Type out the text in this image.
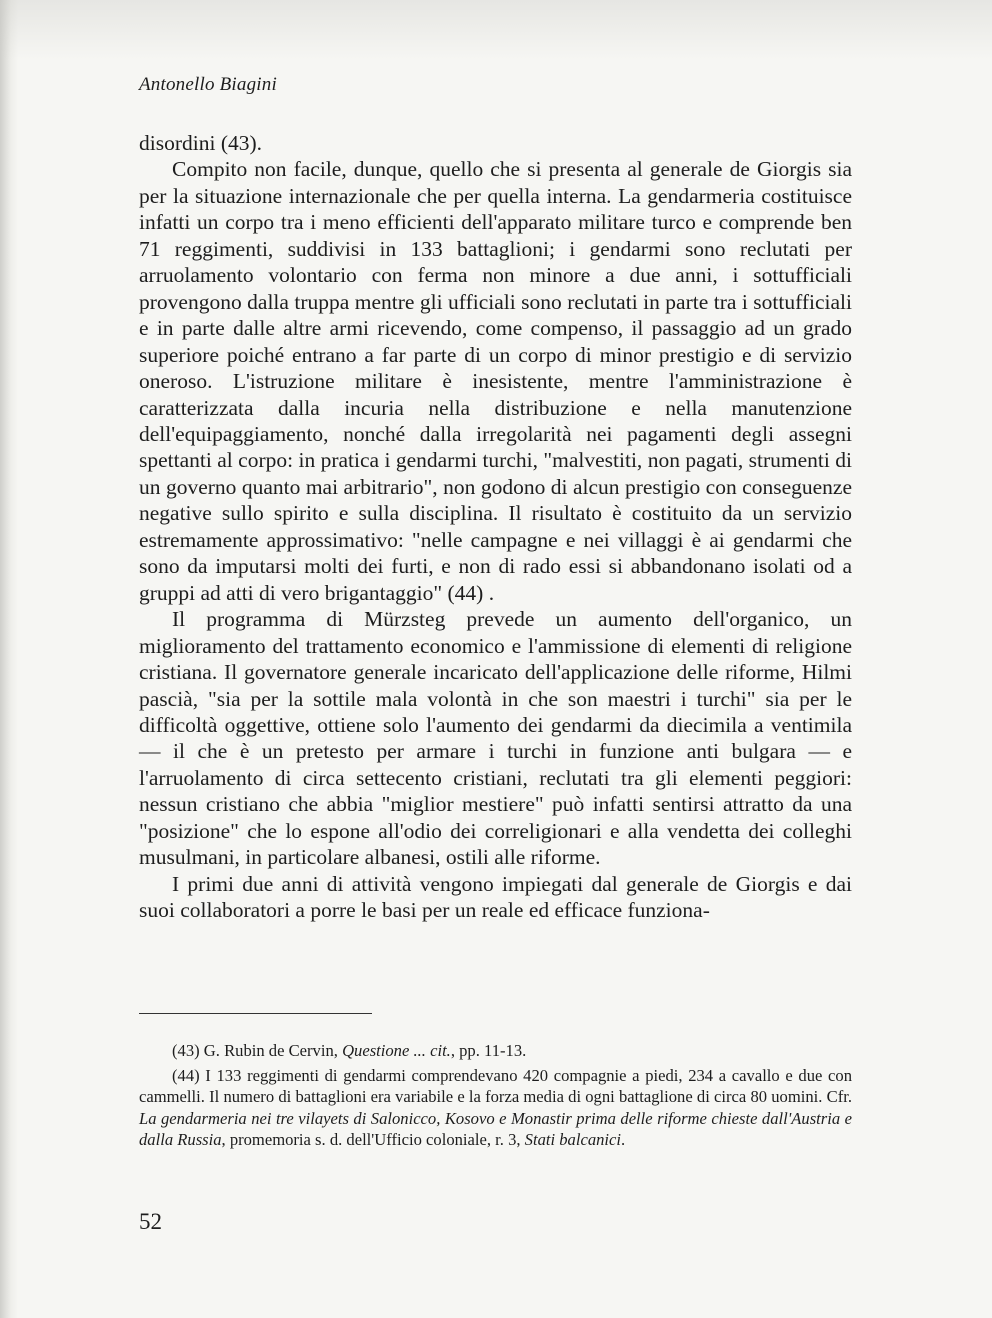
Antonello Biagini

disordini (43).

Compito non facile, dunque, quello che si presenta al generale de Giorgis sia per la situazione internazionale che per quella interna. La gendarmeria costituisce infatti un corpo tra i meno efficienti dell'apparato militare turco e comprende ben 71 reggimenti, suddivisi in 133 battaglioni; i gendarmi sono reclutati per arruolamento volontario con ferma non minore a due anni, i sottufficiali provengono dalla truppa mentre gli ufficiali sono reclutati in parte tra i sottufficiali e in parte dalle altre armi ricevendo, come compenso, il passaggio ad un grado superiore poiché entrano a far parte di un corpo di minor prestigio e di servizio oneroso. L'istruzione militare è inesistente, mentre l'amministrazione è caratterizzata dalla incuria nella distribuzione e nella manutenzione dell'equipaggiamento, nonché dalla irregolarità nei pagamenti degli assegni spettanti al corpo: in pratica i gendarmi turchi, "malvestiti, non pagati, strumenti di un governo quanto mai arbitrario", non godono di alcun prestigio con conseguenze negative sullo spirito e sulla disciplina. Il risultato è costituito da un servizio estremamente approssimativo: "nelle campagne e nei villaggi è ai gendarmi che sono da imputarsi molti dei furti, e non di rado essi si abbandonano isolati od a gruppi ad atti di vero brigantaggio" (44) .

Il programma di Mürzsteg prevede un aumento dell'organico, un miglioramento del trattamento economico e l'ammissione di elementi di religione cristiana. Il governatore generale incaricato dell'applicazione delle riforme, Hilmi pascià, "sia per la sottile mala volontà in che son maestri i turchi" sia per le difficoltà oggettive, ottiene solo l'aumento dei gendarmi da diecimila a ventimila — il che è un pretesto per armare i turchi in funzione anti bulgara — e l'arruolamento di circa settecento cristiani, reclutati tra gli elementi peggiori: nessun cristiano che abbia "miglior mestiere" può infatti sentirsi attratto da una "posizione" che lo espone all'odio dei correligionari e alla vendetta dei colleghi musulmani, in particolare albanesi, ostili alle riforme.

I primi due anni di attività vengono impiegati dal generale de Giorgis e dai suoi collaboratori a porre le basi per un reale ed efficace funziona-

(43) G. Rubin de Cervin, Questione ... cit., pp. 11-13.

(44) I 133 reggimenti di gendarmi comprendevano 420 compagnie a piedi, 234 a cavallo e due con cammelli. Il numero di battaglioni era variabile e la forza media di ogni battaglione di circa 80 uomini. Cfr. La gendarmeria nei tre vilayets di Salonicco, Kosovo e Monastir prima delle riforme chieste dall'Austria e dalla Russia, promemoria s. d. dell'Ufficio coloniale, r. 3, Stati balcanici.

52
